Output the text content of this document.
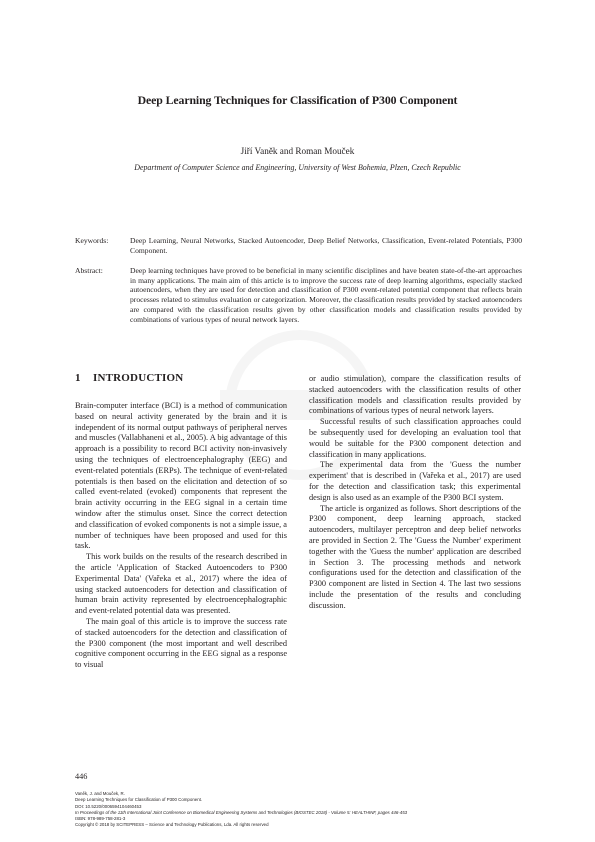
Deep Learning Techniques for Classification of P300 Component
Jiří Vaněk and Roman Mouček
Department of Computer Science and Engineering, University of West Bohemia, Plzen, Czech Republic
Keywords:	Deep Learning, Neural Networks, Stacked Autoencoder, Deep Belief Networks, Classification, Event-related Potentials, P300 Component.
Abstract:	Deep learning techniques have proved to be beneficial in many scientific disciplines and have beaten state-of-the-art approaches in many applications. The main aim of this article is to improve the success rate of deep learning algorithms, especially stacked autoencoders, when they are used for detection and classification of P300 event-related potential component that reflects brain processes related to stimulus evaluation or categorization. Moreover, the classification results provided by stacked autoencoders are compared with the classification results given by other classification models and classification results provided by combinations of various types of neural network layers.
1 INTRODUCTION

Brain-computer interface (BCI) is a method of communication based on neural activity generated by the brain and it is independent of its normal output pathways of peripheral nerves and muscles (Vallabhaneni et al., 2005). A big advantage of this approach is a possibility to record BCI activity non-invasively using the techniques of electroencephalography (EEG) and event-related potentials (ERPs). The technique of event-related potentials is then based on the elicitation and detection of so called event-related (evoked) components that represent the brain activity occurring in the EEG signal in a certain time window after the stimulus onset. Since the correct detection and classification of evoked components is not a simple issue, a number of techniques have been proposed and used for this task.

This work builds on the results of the research described in the article 'Application of Stacked Autoencoders to P300 Experimental Data' (Vařeka et al., 2017) where the idea of using stacked autoencoders for detection and classification of human brain activity represented by electroencephalographic and event-related potential data was presented.

The main goal of this article is to improve the success rate of stacked autoencoders for the detection and classification of the P300 component (the most important and well described cognitive component occurring in the EEG signal as a response to visual

or audio stimulation), compare the classification results of stacked autoencoders with the classification results of other classification models and classification results provided by combinations of various types of neural network layers.

Successful results of such classification approaches could be subsequently used for developing an evaluation tool that would be suitable for the P300 component detection and classification in many applications.

The experimental data from the 'Guess the number experiment' that is described in (Vařeka et al., 2017) are used for the detection and classification task; this experimental design is also used as an example of the P300 BCI system.

The article is organized as follows. Short descriptions of the P300 component, deep learning approach, stacked autoencoders, multilayer perceptron and deep belief networks are provided in Section 2. The 'Guess the Number' experiment together with the 'Guess the number' application are described in Section 3. The processing methods and network configurations used for the detection and classification of the P300 component are listed in Section 4. The last two sessions include the presentation of the results and concluding discussion.

446
Vaněk, J. and Mouček, R.
Deep Learning Techniques for Classification of P300 Component.
DOI: 10.5220/0006594104460453
In Proceedings of the 11th International Joint Conference on Biomedical Engineering Systems and Technologies (BIOSTEC 2018) - Volume 5: HEALTHINF, pages 446-453
ISBN: 978-989-758-281-3
Copyright © 2018 by SCITEPRESS – Science and Technology Publications, Lda. All rights reserved
